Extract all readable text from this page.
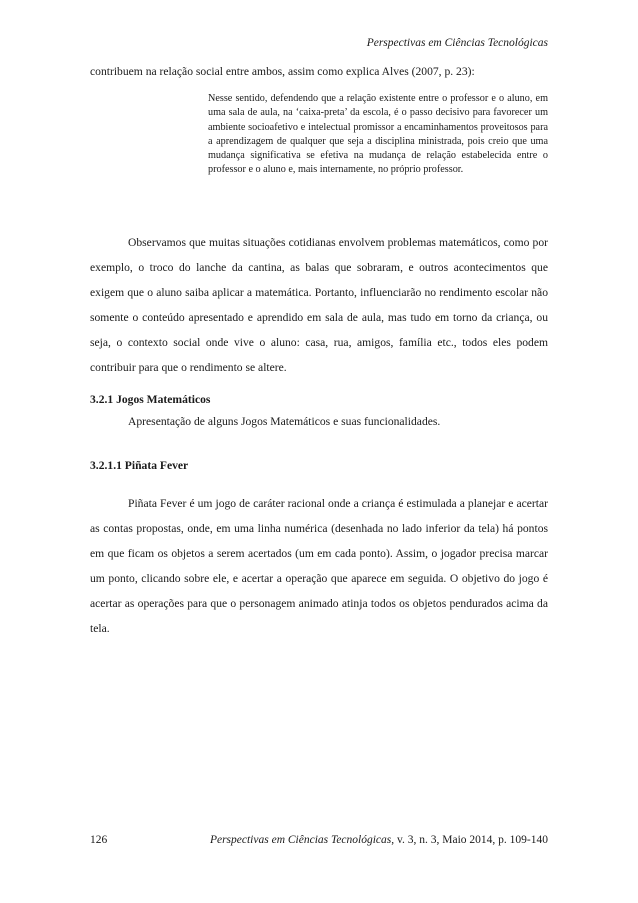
Perspectivas em Ciências Tecnológicas

contribuem na relação social entre ambos, assim como explica Alves (2007, p. 23):

Nesse sentido, defendendo que a relação existente entre o professor e o aluno, em uma sala de aula, na ‘caixa-preta’ da escola, é o passo decisivo para favorecer um ambiente socioafetivo e intelectual promissor a encaminhamentos proveitosos para a aprendizagem de qualquer que seja a disciplina ministrada, pois creio que uma mudança significativa se efetiva na mudança de relação estabelecida entre o professor e o aluno e, mais internamente, no próprio professor.

Observamos que muitas situações cotidianas envolvem problemas matemáticos, como por exemplo, o troco do lanche da cantina, as balas que sobraram, e outros acontecimentos que exigem que o aluno saiba aplicar a matemática. Portanto, influenciarão no rendimento escolar não somente o conteúdo apresentado e aprendido em sala de aula, mas tudo em torno da criança, ou seja, o contexto social onde vive o aluno: casa, rua, amigos, família etc., todos eles podem contribuir para que o rendimento se altere.

3.2.1 Jogos Matemáticos

Apresentação de alguns Jogos Matemáticos e suas funcionalidades.

3.2.1.1 Piñata Fever

Piñata Fever é um jogo de caráter racional onde a criança é estimulada a planejar e acertar as contas propostas, onde, em uma linha numérica (desenhada no lado inferior da tela) há pontos em que ficam os objetos a serem acertados (um em cada ponto). Assim, o jogador precisa marcar um ponto, clicando sobre ele, e acertar a operação que aparece em seguida. O objetivo do jogo é acertar as operações para que o personagem animado atinja todos os objetos pendurados acima da tela.

126	Perspectivas em Ciências Tecnológicas, v. 3, n. 3, Maio 2014, p. 109-140
